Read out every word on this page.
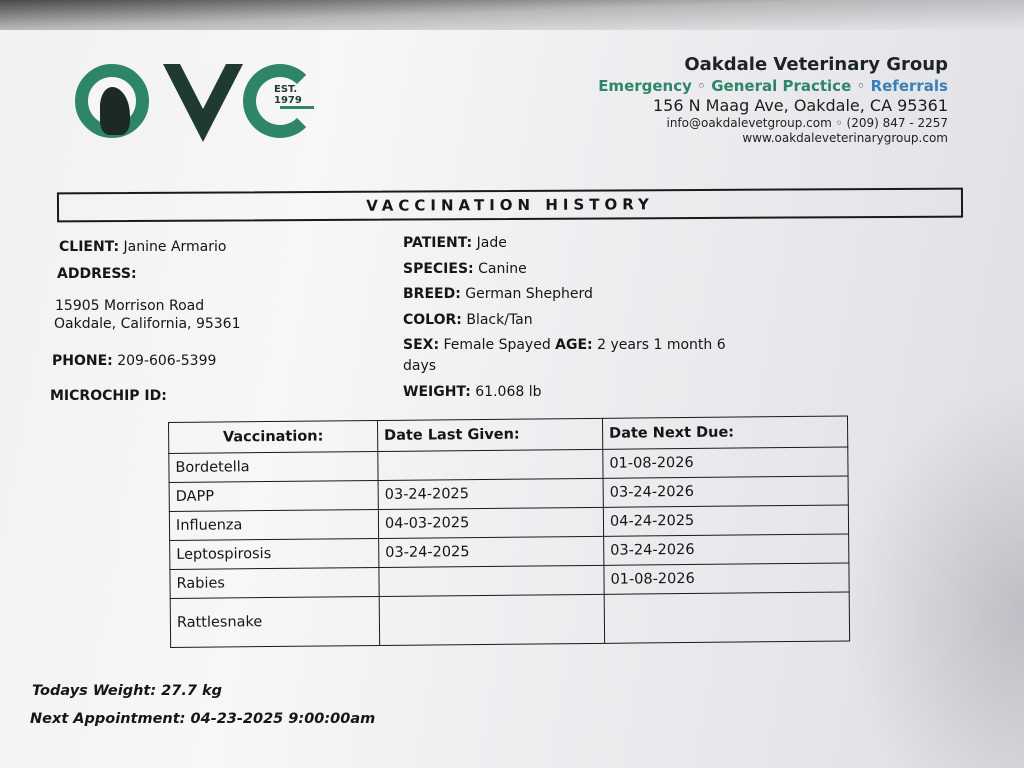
EST. 1979
Oakdale Veterinary Group
Emergency ◦ General Practice ◦ Referrals
156 N Maag Ave, Oakdale, CA 95361
info@oakdalevetgroup.com ◦ (209) 847 - 2257
www.oakdaleveterinarygroup.com
VACCINATION HISTORY
CLIENT: Janine Armario
ADDRESS:
15905 Morrison Road
Oakdale, California, 95361
PHONE: 209-606-5399
MICROCHIP ID:
PATIENT: Jade
SPECIES: Canine
BREED: German Shepherd
COLOR: Black/Tan
SEX: Female Spayed AGE: 2 years 1 month 6
days
WEIGHT: 61.068 lb
Vaccination:	Date Last Given:	Date Next Due:
Bordetella		01-08-2026
DAPP	03-24-2025	03-24-2026
Influenza	04-03-2025	04-24-2025
Leptospirosis	03-24-2025	03-24-2026
Rabies		01-08-2026
Rattlesnake		
Todays Weight: 27.7 kg
Next Appointment: 04-23-2025 9:00:00am
